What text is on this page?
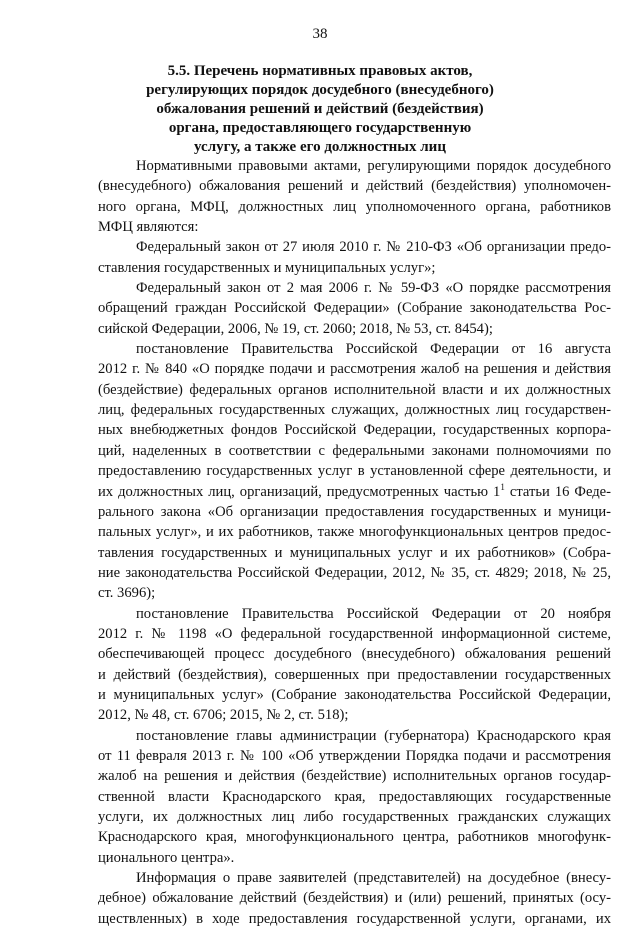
38
5.5. Перечень нормативных правовых актов,
регулирующих порядок досудебного (внесудебного)
обжалования решений и действий (бездействия)
органа, предоставляющего государственную
услугу, а также его должностных лиц
Нормативными правовыми актами, регулирующими порядок досудебного
(внесудебного) обжалования решений и действий (бездействия) уполномочен-
ного органа, МФЦ, должностных лиц уполномоченного органа, работников
МФЦ являются:
Федеральный закон от 27 июля 2010 г. № 210-ФЗ «Об организации предо-
ставления государственных и муниципальных услуг»;
Федеральный закон от 2 мая 2006 г. № 59-ФЗ «О порядке рассмотрения
обращений граждан Российской Федерации» (Собрание законодательства Рос-
сийской Федерации, 2006, № 19, ст. 2060; 2018, № 53, ст. 8454);
постановление Правительства Российской Федерации от 16 августа
2012 г. № 840 «О порядке подачи и рассмотрения жалоб на решения и действия
(бездействие) федеральных органов исполнительной власти и их должностных
лиц, федеральных государственных служащих, должностных лиц государствен-
ных внебюджетных фондов Российской Федерации, государственных корпора-
ций, наделенных в соответствии с федеральными законами полномочиями по
предоставлению государственных услуг в установленной сфере деятельности, и
их должностных лиц, организаций, предусмотренных частью $1^1$ статьи 16 Феде-
рального закона «Об организации предоставления государственных и муници-
пальных услуг», и их работников, также многофункциональных центров предос-
тавления государственных и муниципальных услуг и их работников» (Собра-
ние законодательства Российской Федерации, 2012, № 35, ст. 4829; 2018, № 25,
ст. 3696);
постановление Правительства Российской Федерации от 20 ноября
2012 г. № 1198 «О федеральной государственной информационной системе,
обеспечивающей процесс досудебного (внесудебного) обжалования решений
и действий (бездействия), совершенных при предоставлении государственных
и муниципальных услуг» (Собрание законодательства Российской Федерации,
2012, № 48, ст. 6706; 2015, № 2, ст. 518);
постановление главы администрации (губернатора) Краснодарского края
от 11 февраля 2013 г. № 100 «Об утверждении Порядка подачи и рассмотрения
жалоб на решения и действия (бездействие) исполнительных органов государ-
ственной власти Краснодарского края, предоставляющих государственные
услуги, их должностных лиц либо государственных гражданских служащих
Краснодарского края, многофункционального центра, работников многофунк-
ционального центра».
Информация о праве заявителей (представителей) на досудебное (внесу-
дебное) обжалование действий (бездействия) и (или) решений, принятых (осу-
ществленных) в ходе предоставления государственной услуги, органами, их
